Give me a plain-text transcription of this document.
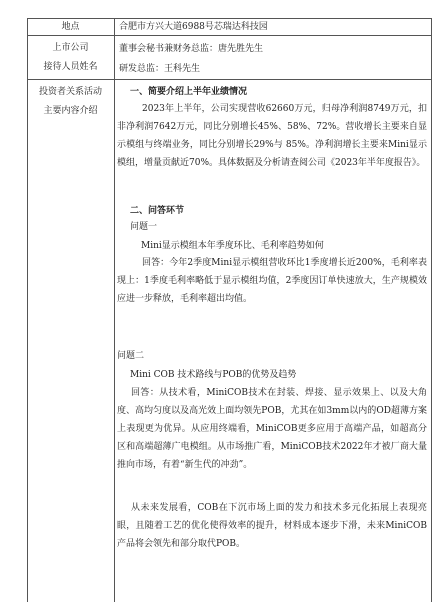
地点	合肥市方兴大道6988号芯瑞达科技园
上市公司
接待人员姓名
董事会秘书兼财务总监：唐先胜先生
研发总监：王科先生
投资者关系活动
主要内容介绍
一、简要介绍上半年业绩情况
2023年上半年，公司实现营收62660万元，归母净利润8749万元，扣非净利润7642万元，同比分别增长45%、58%、72%。营收增长主要来自显示模组与终端业务，同比分别增长29%与 85%。净利润增长主要来Mini显示模组，增量贡献近70%。具体数据及分析请查阅公司《2023年半年度报告》。
二、问答环节
问题一
Mini显示模组本年季度环比、毛利率趋势如何
回答：今年2季度Mini显示模组营收环比1季度增长近200%，毛利率表现上：1季度毛利率略低于显示模组均值，2季度因订单快速放大，生产规模效应进一步释放，毛利率超出均值。
问题二
Mini COB 技术路线与POB的优势及趋势
回答：从技术看，MiniCOB技术在封装、焊接、显示效果上、以及大角度、高均匀度以及高光效上面均领先POB，尤其在如3mm以内的OD超薄方案上表现更为优异。从应用终端看，MiniCOB更多应用于高端产品，如超高分区和高端超薄广电模组。从市场推广看，MiniCOB技术2022年才被厂商大量推向市场，有着“新生代的冲劲”。
从未来发展看，COB在下沉市场上面的发力和技术多元化拓展上表现亮眼，且随着工艺的优化使得效率的提升，材料成本逐步下滑，未来MiniCOB产品将会领先和部分取代POB。
